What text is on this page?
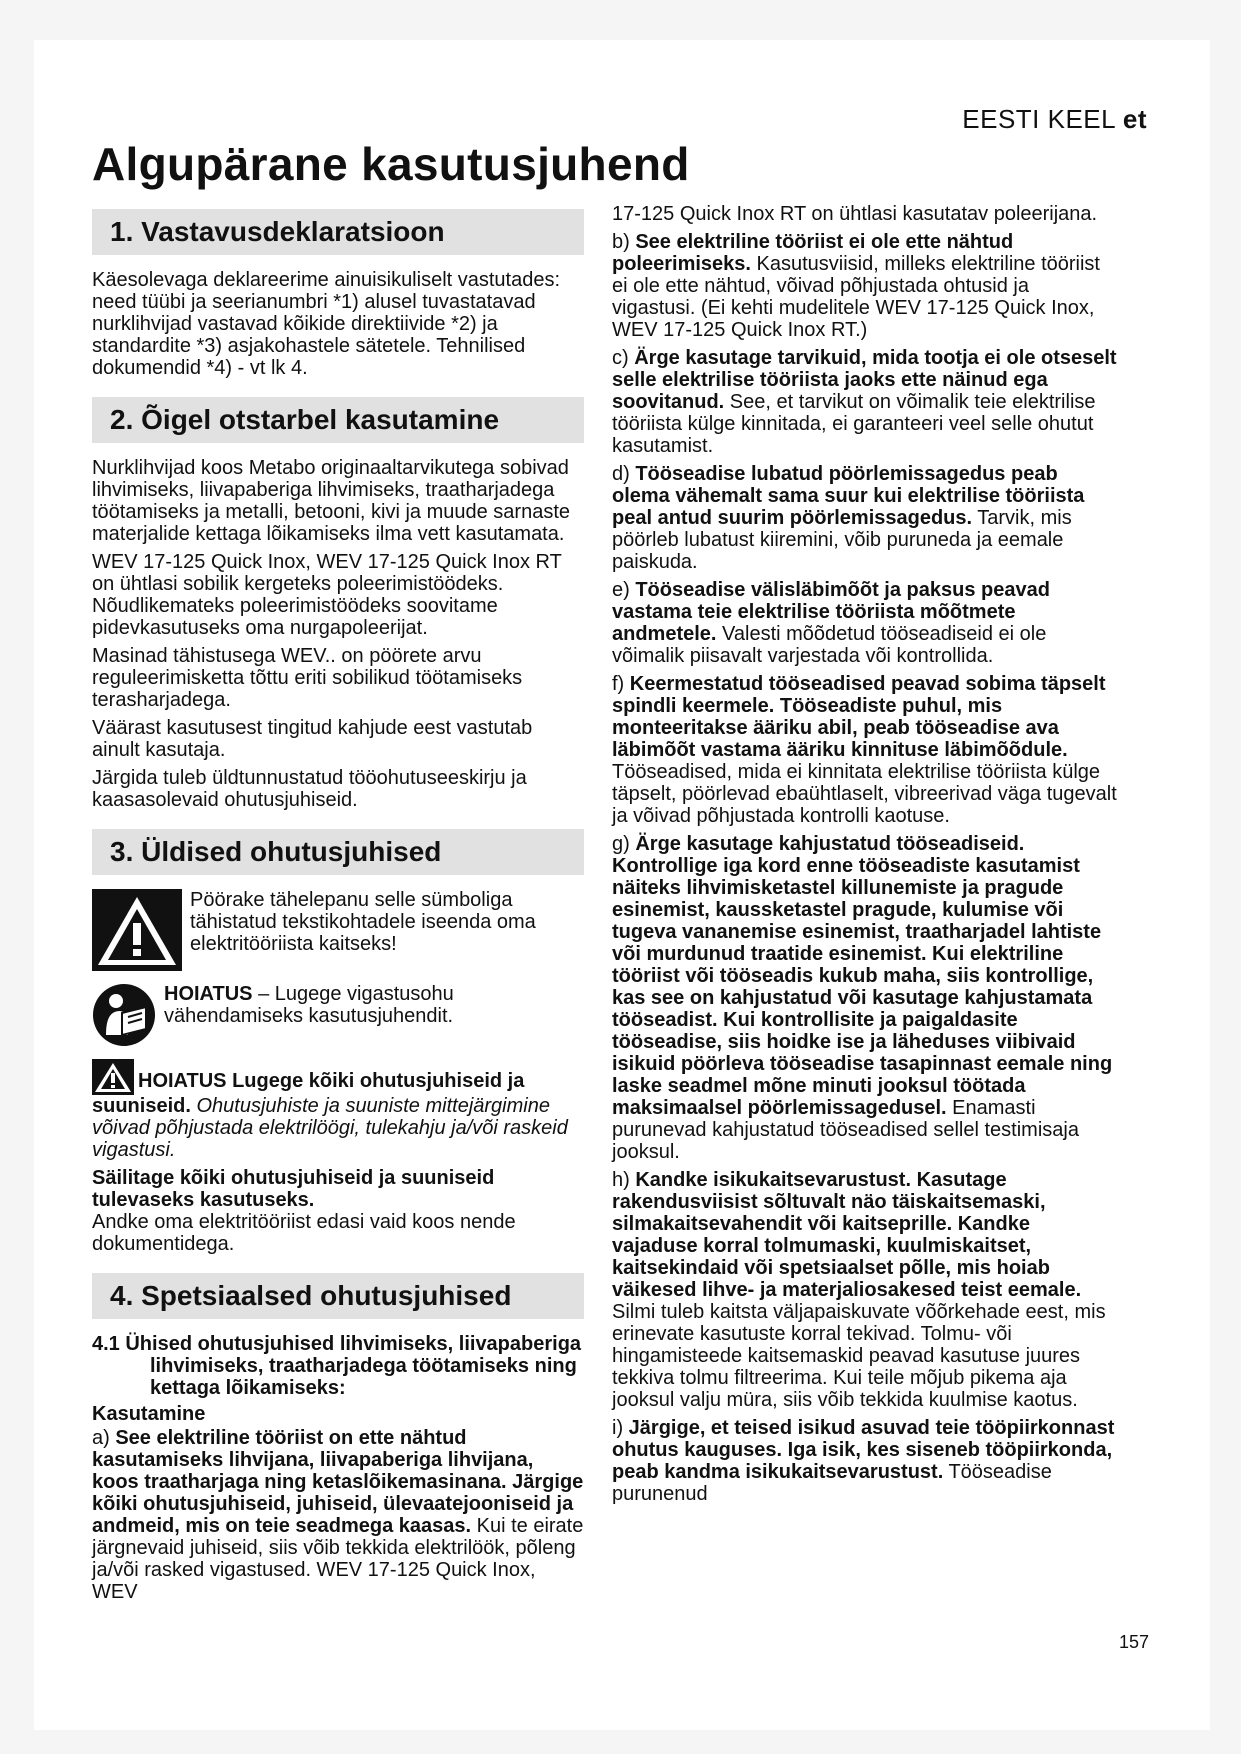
EESTI KEEL et
Algupärane kasutusjuhend
1. Vastavusdeklaratsioon

Käesolevaga deklareerime ainuisikuliselt vastutades: need tüübi ja seerianumbri *1) alusel tuvastatavad nurklihvijad vastavad kõikide direktiivide *2) ja standardite *3) asjakohastele sätetele. Tehnilised dokumendid *4) - vt lk 4.

2. Õigel otstarbel kasutamine

Nurklihvijad koos Metabo originaaltarvikutega sobivad lihvimiseks, liivapaberiga lihvimiseks, traatharjadega töötamiseks ja metalli, betooni, kivi ja muude sarnaste materjalide kettaga lõikamiseks ilma vett kasutamata.

WEV 17-125 Quick Inox, WEV 17-125 Quick Inox RT on ühtlasi sobilik kergeteks poleerimistöödeks. Nõudlikemateks poleerimistöödeks soovitame pidevkasutuseks oma nurgapoleerijat.

Masinad tähistusega WEV.. on pöörete arvu reguleerimisketta tõttu eriti sobilikud töötamiseks terasharjadega.

Väärast kasutusest tingitud kahjude eest vastutab ainult kasutaja.

Järgida tuleb üldtunnustatud tööohutuseeskirju ja kaasasolevaid ohutusjuhiseid.

3. Üldised ohutusjuhised
Pöörake tähelepanu selle sümboliga tähistatud tekstikohtadele iseenda oma elektritööriista kaitseks!
HOIATUS – Lugege vigastusohu vähendamiseks kasutusjuhendit.

HOIATUS Lugege kõiki ohutusjuhiseid ja suuniseid. Ohutusjuhiste ja suuniste mittejärgimine võivad põhjustada elektrilöögi, tulekahju ja/või raskeid vigastusi.

Säilitage kõiki ohutusjuhiseid ja suuniseid tulevaseks kasutuseks.
Andke oma elektritööriist edasi vaid koos nende dokumentidega.

4. Spetsiaalsed ohutusjuhised
4.1 Ühised ohutusjuhised lihvimiseks, liivapaberiga lihvimiseks, traatharjadega töötamiseks ning kettaga lõikamiseks:
Kasutamine

a) See elektriline tööriist on ette nähtud kasutamiseks lihvijana, liivapaberiga lihvijana, koos traatharjaga ning ketaslõikemasinana. Järgige kõiki ohutusjuhiseid, juhiseid, ülevaatejooniseid ja andmeid, mis on teie seadmega kaasas. Kui te eirate järgnevaid juhiseid, siis võib tekkida elektrilöök, põleng ja/või rasked vigastused. WEV 17-125 Quick Inox, WEV

17-125 Quick Inox RT on ühtlasi kasutatav poleerijana.

b) See elektriline tööriist ei ole ette nähtud poleerimiseks. Kasutusviisid, milleks elektriline tööriist ei ole ette nähtud, võivad põhjustada ohtusid ja vigastusi. (Ei kehti mudelitele WEV 17-125 Quick Inox, WEV 17-125 Quick Inox RT.)

c) Ärge kasutage tarvikuid, mida tootja ei ole otseselt selle elektrilise tööriista jaoks ette näinud ega soovitanud. See, et tarvikut on võimalik teie elektrilise tööriista külge kinnitada, ei garanteeri veel selle ohutut kasutamist.

d) Tööseadise lubatud pöörlemissagedus peab olema vähemalt sama suur kui elektrilise tööriista peal antud suurim pöörlemissagedus. Tarvik, mis pöörleb lubatust kiiremini, võib puruneda ja eemale paiskuda.

e) Tööseadise välisläbimõõt ja paksus peavad vastama teie elektrilise tööriista mõõtmete andmetele. Valesti mõõdetud tööseadiseid ei ole võimalik piisavalt varjestada või kontrollida.

f) Keermestatud tööseadised peavad sobima täpselt spindli keermele. Tööseadiste puhul, mis monteeritakse ääriku abil, peab tööseadise ava läbimõõt vastama ääriku kinnituse läbimõõdule. Tööseadised, mida ei kinnitata elektrilise tööriista külge täpselt, pöörlevad ebaühtlaselt, vibreerivad väga tugevalt ja võivad põhjustada kontrolli kaotuse.

g) Ärge kasutage kahjustatud tööseadiseid. Kontrollige iga kord enne tööseadiste kasutamist näiteks lihvimisketastel killunemiste ja pragude esinemist, kaussketastel pragude, kulumise või tugeva vananemise esinemist, traatharjadel lahtiste või murdunud traatide esinemist. Kui elektriline tööriist või tööseadis kukub maha, siis kontrollige, kas see on kahjustatud või kasutage kahjustamata tööseadist. Kui kontrollisite ja paigaldasite tööseadise, siis hoidke ise ja läheduses viibivaid isikuid pöörleva tööseadise tasapinnast eemale ning laske seadmel mõne minuti jooksul töötada maksimaalsel pöörlemissagedusel. Enamasti purunevad kahjustatud tööseadised sellel testimisaja jooksul.

h) Kandke isikukaitsevarustust. Kasutage rakendusviisist sõltuvalt näo täiskaitsemaski, silmakaitsevahendit või kaitseprille. Kandke vajaduse korral tolmumaski, kuulmiskaitset, kaitsekindaid või spetsiaalset põlle, mis hoiab väikesed lihve- ja materjaliosakesed teist eemale. Silmi tuleb kaitsta väljapaiskuvate võõrkehade eest, mis erinevate kasutuste korral tekivad. Tolmu- või hingamisteede kaitsemaskid peavad kasutuse juures tekkiva tolmu filtreerima. Kui teile mõjub pikema aja jooksul valju müra, siis võib tekkida kuulmise kaotus.

i) Järgige, et teised isikud asuvad teie tööpiirkonnast ohutus kauguses. Iga isik, kes siseneb tööpiirkonda, peab kandma isikukaitsevarustust. Tööseadise purunenud

157
